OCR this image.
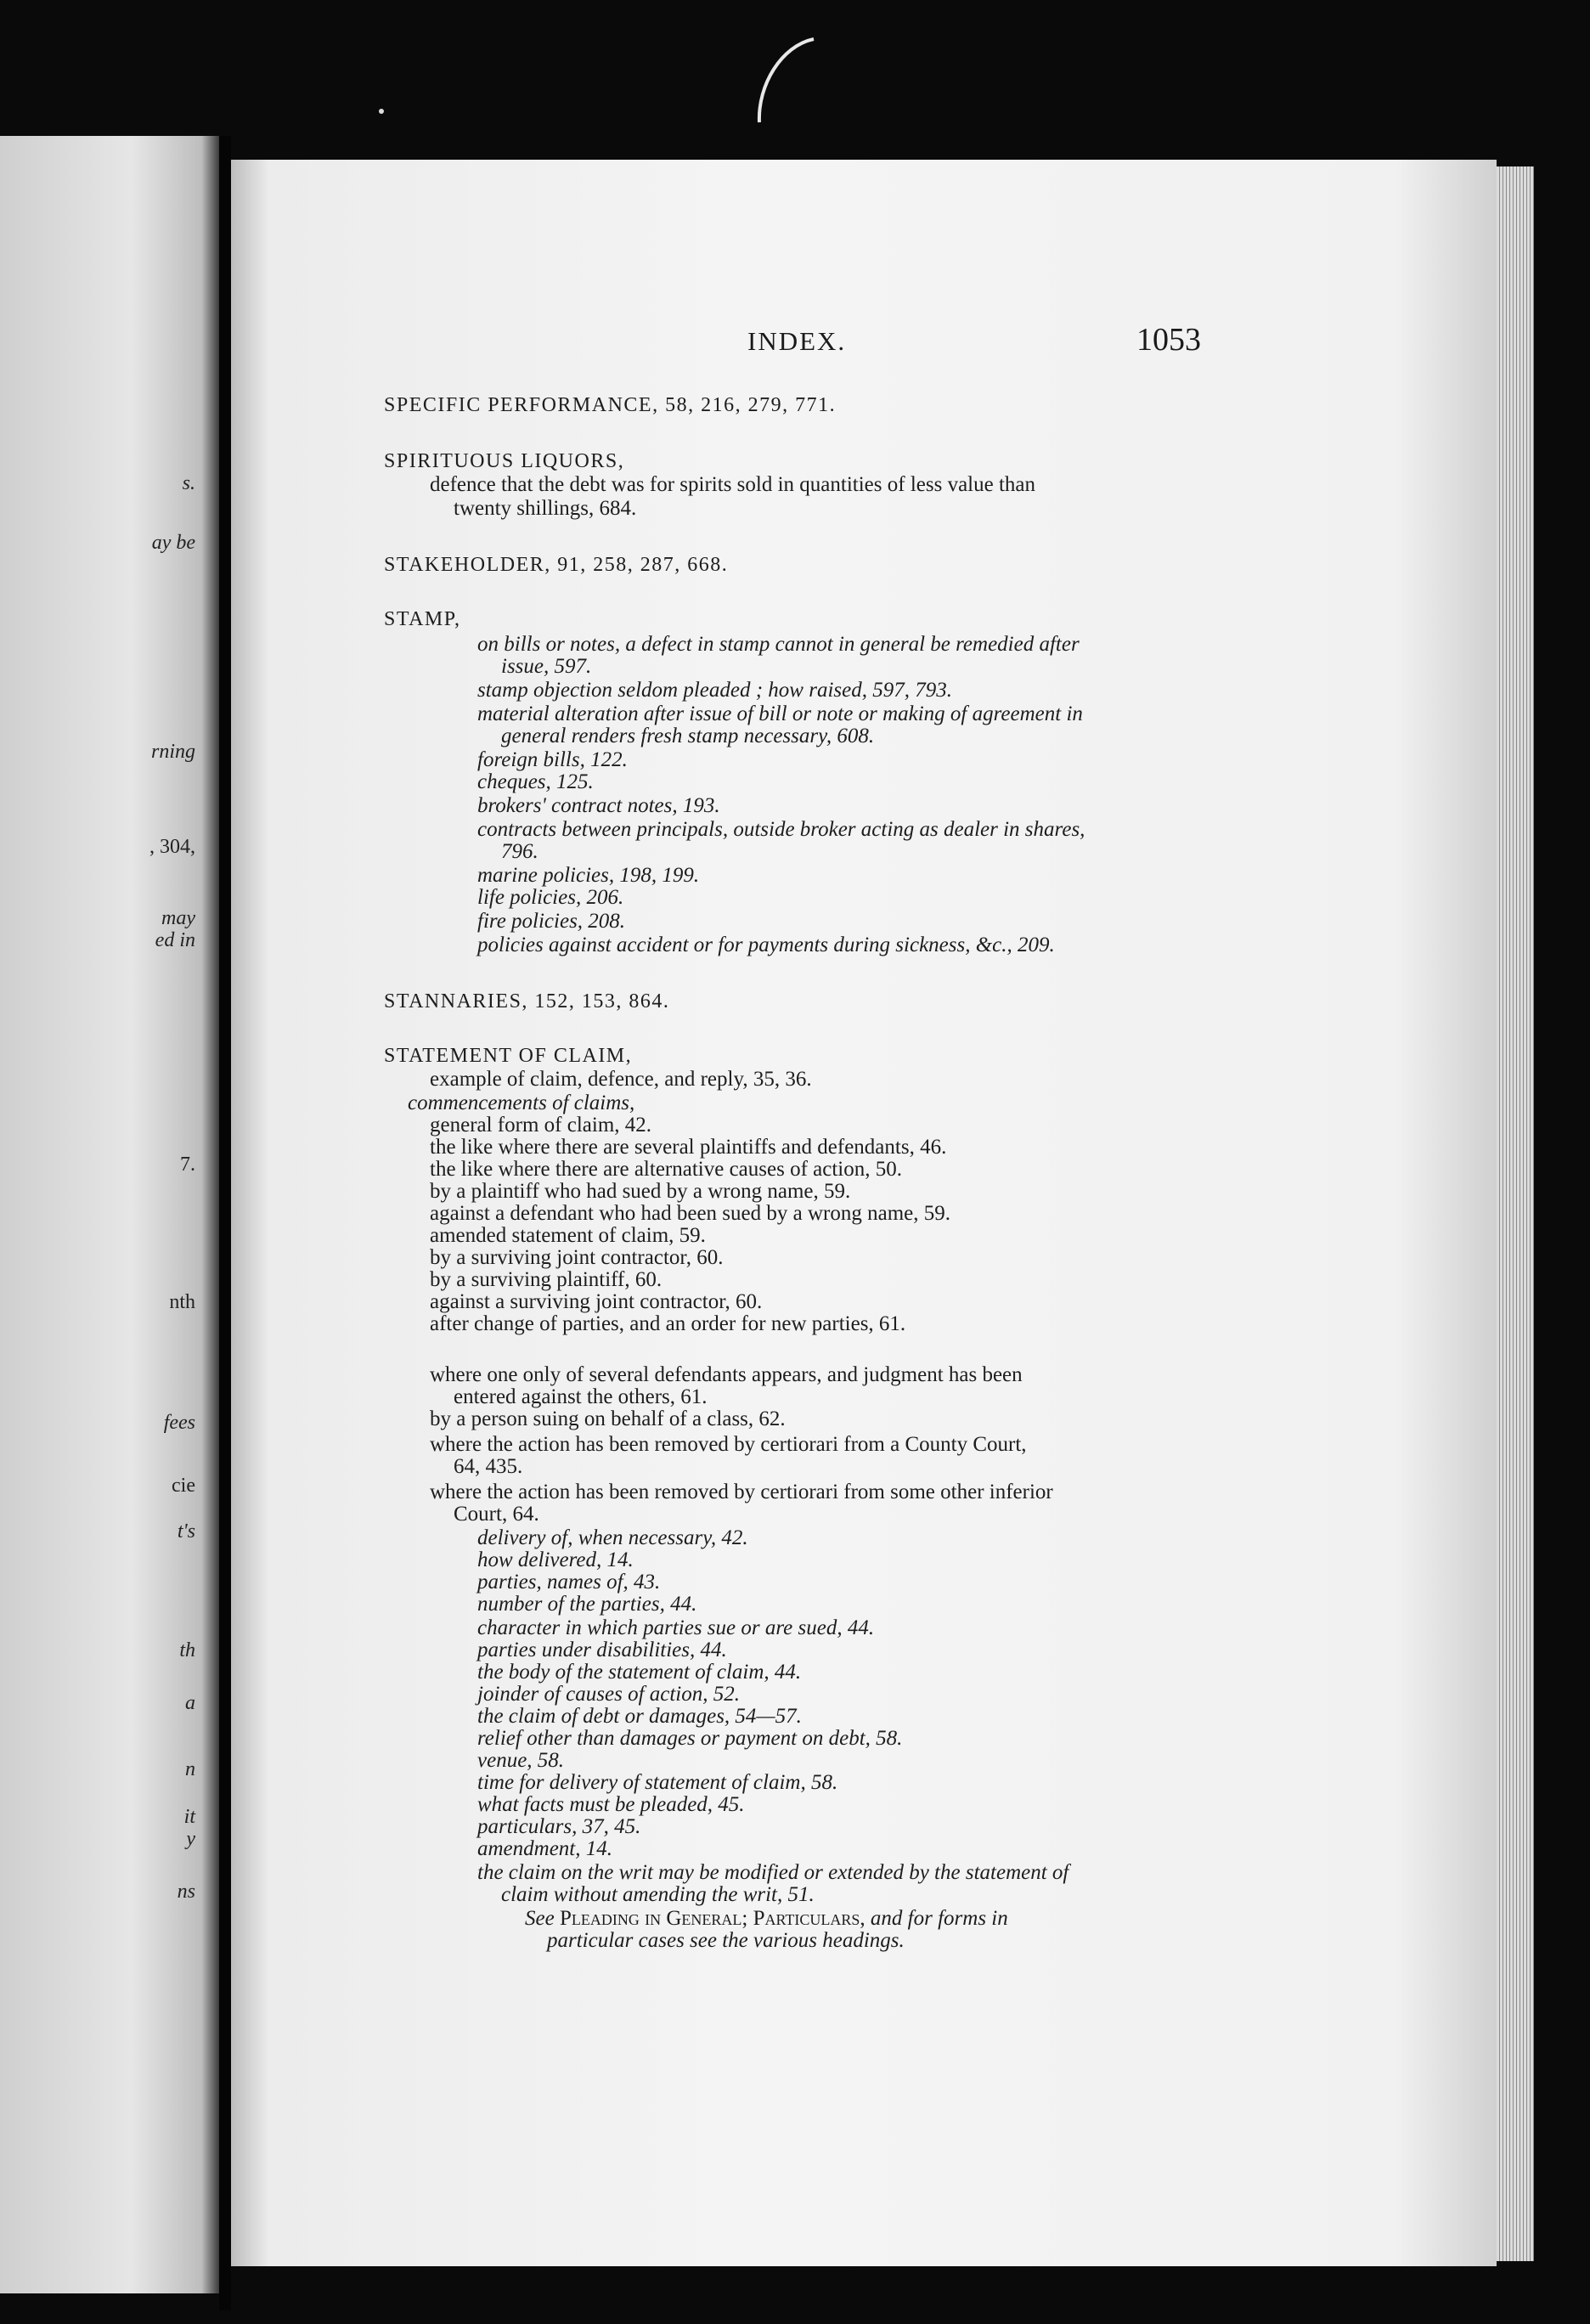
s.
ay be
rning
, 304,
may
ed in
7.
nth
fees
cie
t's
th
a
n
it
y
ns
INDEX.	1053
SPECIFIC PERFORMANCE, 58, 216, 279, 771.
SPIRITUOUS LIQUORS,
defence that the debt was for spirits sold in quantities of less value than
twenty shillings, 684.
STAKEHOLDER, 91, 258, 287, 668.
STAMP,
on bills or notes, a defect in stamp cannot in general be remedied after
issue, 597.
stamp objection seldom pleaded ; how raised, 597, 793.
material alteration after issue of bill or note or making of agreement in
general renders fresh stamp necessary, 608.
foreign bills, 122.
cheques, 125.
brokers' contract notes, 193.
contracts between principals, outside broker acting as dealer in shares,
796.
marine policies, 198, 199.
life policies, 206.
fire policies, 208.
policies against accident or for payments during sickness, &c., 209.
STANNARIES, 152, 153, 864.
STATEMENT OF CLAIM,
example of claim, defence, and reply, 35, 36.
commencements of claims,
general form of claim, 42.
the like where there are several plaintiffs and defendants, 46.
the like where there are alternative causes of action, 50.
by a plaintiff who had sued by a wrong name, 59.
against a defendant who had been sued by a wrong name, 59.
amended statement of claim, 59.
by a surviving joint contractor, 60.
by a surviving plaintiff, 60.
against a surviving joint contractor, 60.
after change of parties, and an order for new parties, 61.
where one only of several defendants appears, and judgment has been
entered against the others, 61.
by a person suing on behalf of a class, 62.
where the action has been removed by certiorari from a County Court,
64, 435.
where the action has been removed by certiorari from some other inferior
Court, 64.
delivery of, when necessary, 42.
how delivered, 14.
parties, names of, 43.
number of the parties, 44.
character in which parties sue or are sued, 44.
parties under disabilities, 44.
the body of the statement of claim, 44.
joinder of causes of action, 52.
the claim of debt or damages, 54—57.
relief other than damages or payment on debt, 58.
venue, 58.
time for delivery of statement of claim, 58.
what facts must be pleaded, 45.
particulars, 37, 45.
amendment, 14.
the claim on the writ may be modified or extended by the statement of
claim without amending the writ, 51.
See Pleading in General; Particulars, and for forms in
particular cases see the various headings.
